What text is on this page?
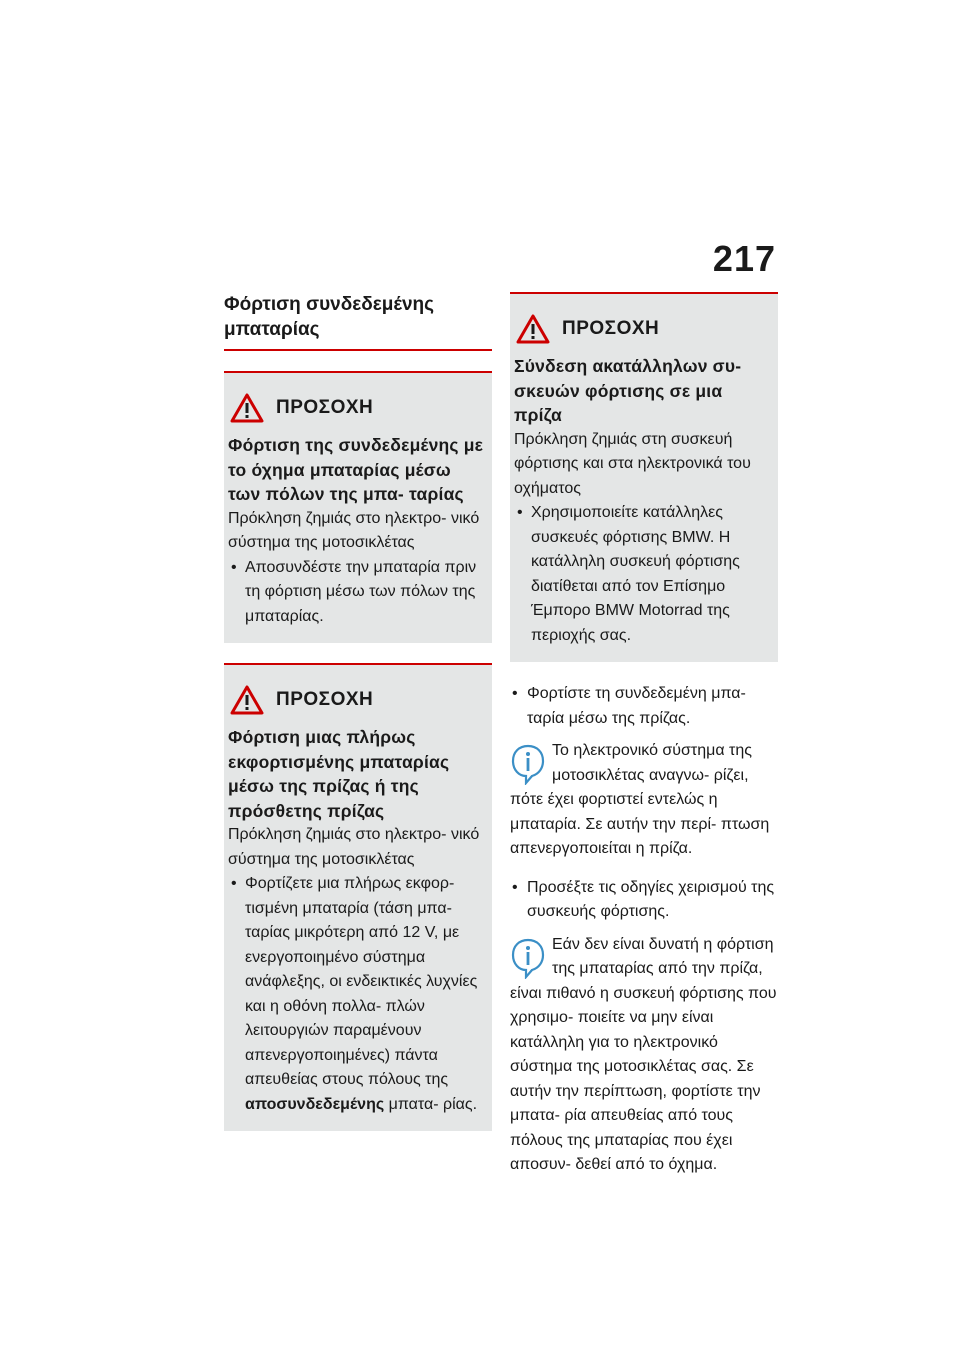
217
Φόρτιση συνδεδεμένης μπαταρίας
ΠΡΟΣΟΧΗ
Φόρτιση της συνδεδεμένης με το όχημα μπαταρίας μέσω των πόλων της μπα- ταρίας
Πρόκληση ζημιάς στο ηλεκτρο- νικό σύστημα της μοτοσικλέτας
• Αποσυνδέστε την μπαταρία πριν τη φόρτιση μέσω των πόλων της μπαταρίας.
ΠΡΟΣΟΧΗ
Φόρτιση μιας πλήρως εκφορτισμένης μπαταρίας μέσω της πρίζας ή της πρόσθετης πρίζας
Πρόκληση ζημιάς στο ηλεκτρο- νικό σύστημα της μοτοσικλέτας
• Φορτίζετε μια πλήρως εκφορ- τισμένη μπαταρία (τάση μπα- ταρίας μικρότερη από 12 V, με ενεργοποιημένο σύστημα ανάφλεξης, οι ενδεικτικές λυχνίες και η οθόνη πολλα- πλών λειτουργιών παραμένουν απενεργοποιημένες) πάντα απευθείας στους πόλους της αποσυνδεδεμένης μπατα- ρίας.
ΠΡΟΣΟΧΗ
Σύνδεση ακατάλληλων συ- σκευών φόρτισης σε μια πρίζα
Πρόκληση ζημιάς στη συσκευή φόρτισης και στα ηλεκτρονικά του οχήματος
• Χρησιμοποιείτε κατάλληλες συσκευές φόρτισης BMW. Η κατάλληλη συσκευή φόρτισης διατίθεται από τον Επίσημο Έμπορο BMW Motorrad της περιοχής σας.
• Φορτίστε τη συνδεδεμένη μπα- ταρία μέσω της πρίζας.
Το ηλεκτρονικό σύστημα της μοτοσικλέτας αναγνω- ρίζει, πότε έχει φορτιστεί εντελώς η μπαταρία. Σε αυτήν την περί- πτωση απενεργοποιείται η πρίζα.
• Προσέξτε τις οδηγίες χειρισμού της συσκευής φόρτισης.
Εάν δεν είναι δυνατή η φόρτιση της μπαταρίας από την πρίζα, είναι πιθανό η συσκευή φόρτισης που χρησιμο- ποιείτε να μην είναι κατάλληλη για το ηλεκτρονικό σύστημα της μοτοσικλέτας σας. Σε αυτήν την περίπτωση, φορτίστε την μπατα- ρία απευθείας από τους πόλους της μπαταρίας που έχει αποσυν- δεθεί από το όχημα.
